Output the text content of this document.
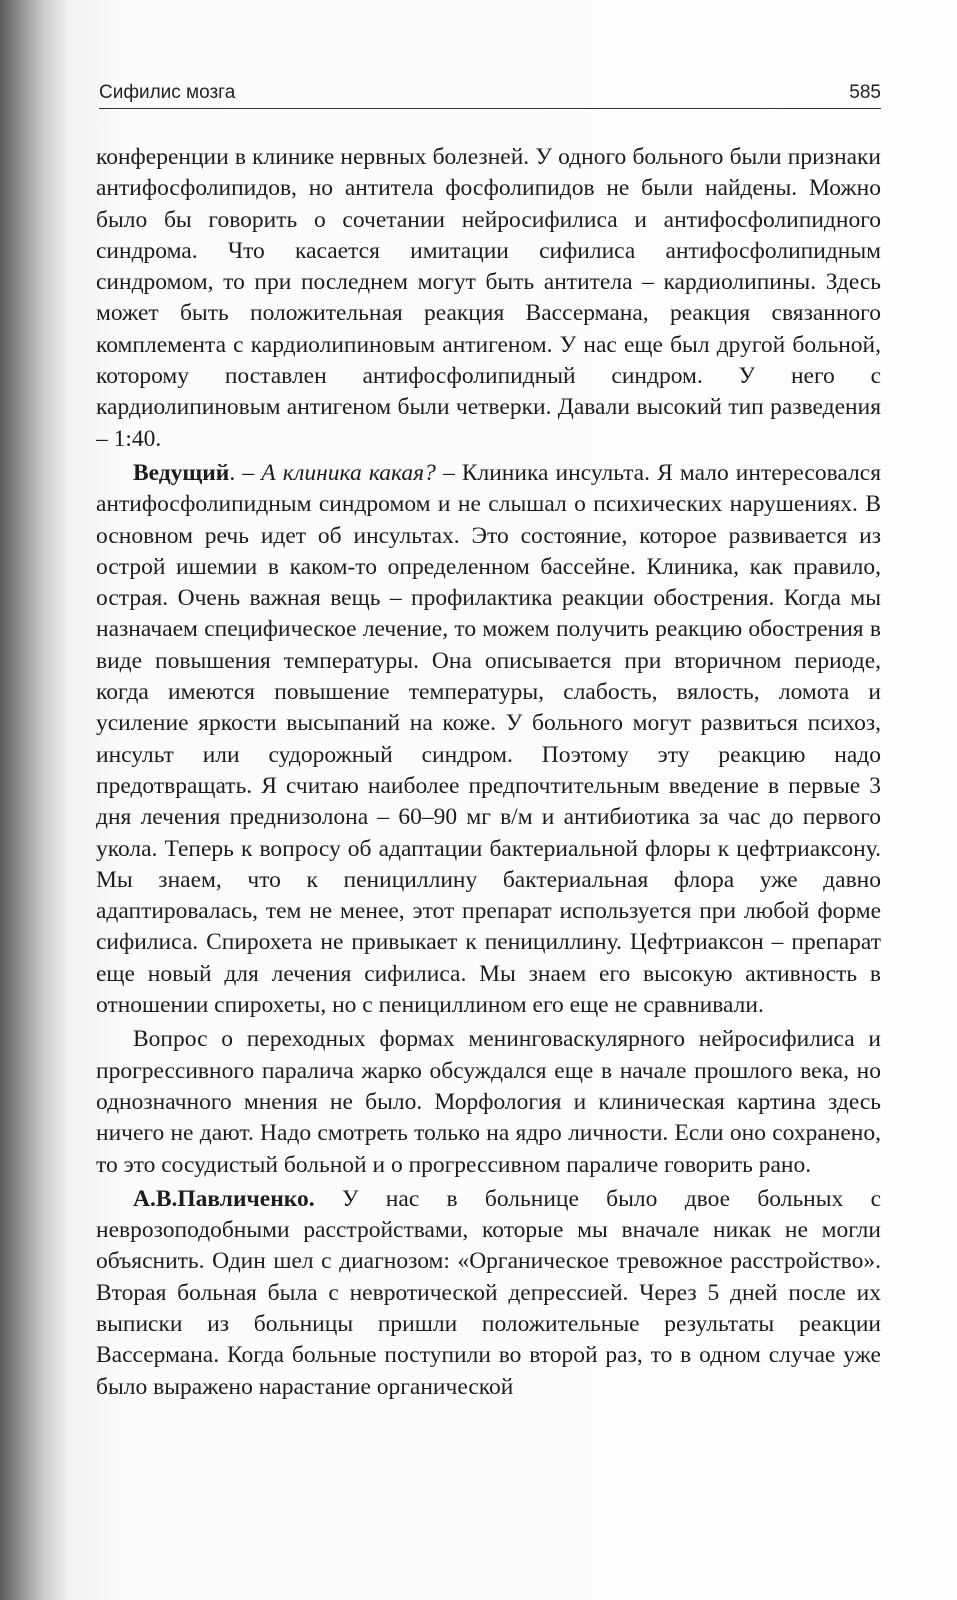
Сифилис мозга	585

конференции в клинике нервных болезней. У одного больного были признаки антифосфолипидов, но антитела фосфолипидов не были найдены. Можно было бы говорить о сочетании нейросифилиса и антифосфолипидного синдрома. Что касается имитации сифилиса антифосфолипидным синдромом, то при последнем могут быть антитела – кардиолипины. Здесь может быть положительная реакция Вассермана, реакция связанного комплемента с кардиолипиновым антигеном. У нас еще был другой больной, которому поставлен антифосфолипидный синдром. У него с кардиолипиновым антигеном были четверки. Давали высокий тип разведения – 1:40.

Ведущий. – А клиника какая? – Клиника инсульта. Я мало интересовался антифосфолипидным синдромом и не слышал о психических нарушениях. В основном речь идет об инсультах. Это состояние, которое развивается из острой ишемии в каком-то определенном бассейне. Клиника, как правило, острая. Очень важная вещь – профилактика реакции обострения. Когда мы назначаем специфическое лечение, то можем получить реакцию обострения в виде повышения температуры. Она описывается при вторичном периоде, когда имеются повышение температуры, слабость, вялость, ломота и усиление яркости высыпаний на коже. У больного могут развиться психоз, инсульт или судорожный синдром. Поэтому эту реакцию надо предотвращать. Я считаю наиболее предпочтительным введение в первые 3 дня лечения преднизолона – 60–90 мг в/м и антибиотика за час до первого укола. Теперь к вопросу об адаптации бактериальной флоры к цефтриаксону. Мы знаем, что к пенициллину бактериальная флора уже давно адаптировалась, тем не менее, этот препарат используется при любой форме сифилиса. Спирохета не привыкает к пенициллину. Цефтриаксон – препарат еще новый для лечения сифилиса. Мы знаем его высокую активность в отношении спирохеты, но с пенициллином его еще не сравнивали.

Вопрос о переходных формах менинговаскулярного нейросифилиса и прогрессивного паралича жарко обсуждался еще в начале прошлого века, но однозначного мнения не было. Морфология и клиническая картина здесь ничего не дают. Надо смотреть только на ядро личности. Если оно сохранено, то это сосудистый больной и о прогрессивном параличе говорить рано.

А.В.Павличенко. У нас в больнице было двое больных с неврозоподобными расстройствами, которые мы вначале никак не могли объяснить. Один шел с диагнозом: «Органическое тревожное расстройство». Вторая больная была с невротической депрессией. Через 5 дней после их выписки из больницы пришли положительные результаты реакции Вассермана. Когда больные поступили во второй раз, то в одном случае уже было выражено нарастание органической
